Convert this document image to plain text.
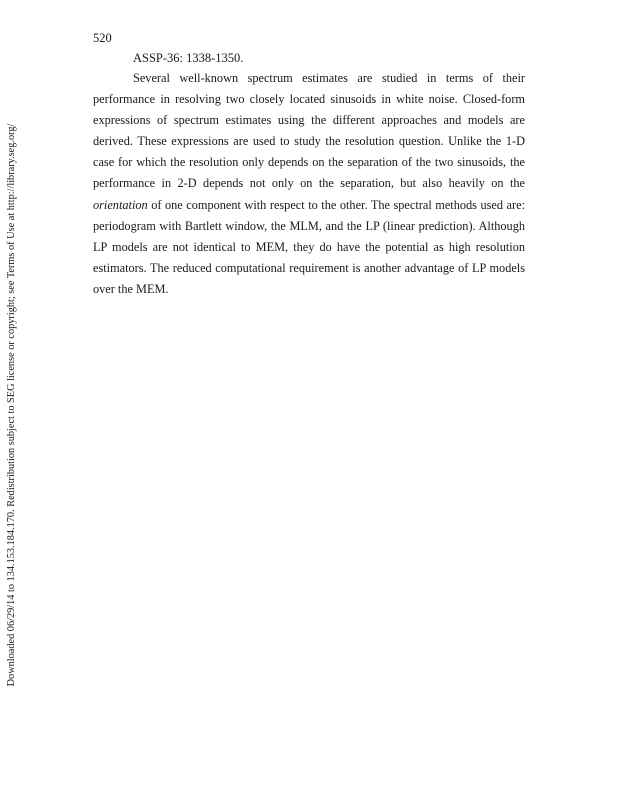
520
ASSP-36: 1338-1350.

Several well-known spectrum estimates are studied in terms of their performance in resolving two closely located sinusoids in white noise. Closed-form expressions of spectrum estimates using the different approaches and models are derived. These expressions are used to study the resolution question. Unlike the 1-D case for which the resolution only depends on the separation of the two sinusoids, the performance in 2-D depends not only on the separation, but also heavily on the orientation of one component with respect to the other. The spectral methods used are: periodogram with Bartlett window, the MLM, and the LP (linear prediction). Although LP models are not identical to MEM, they do have the potential as high resolution estimators. The reduced computational requirement is another advantage of LP models over the MEM.

Downloaded 06/29/14 to 134.153.184.170. Redistribution subject to SEG license or copyright; see Terms of Use at http://library.seg.org/
